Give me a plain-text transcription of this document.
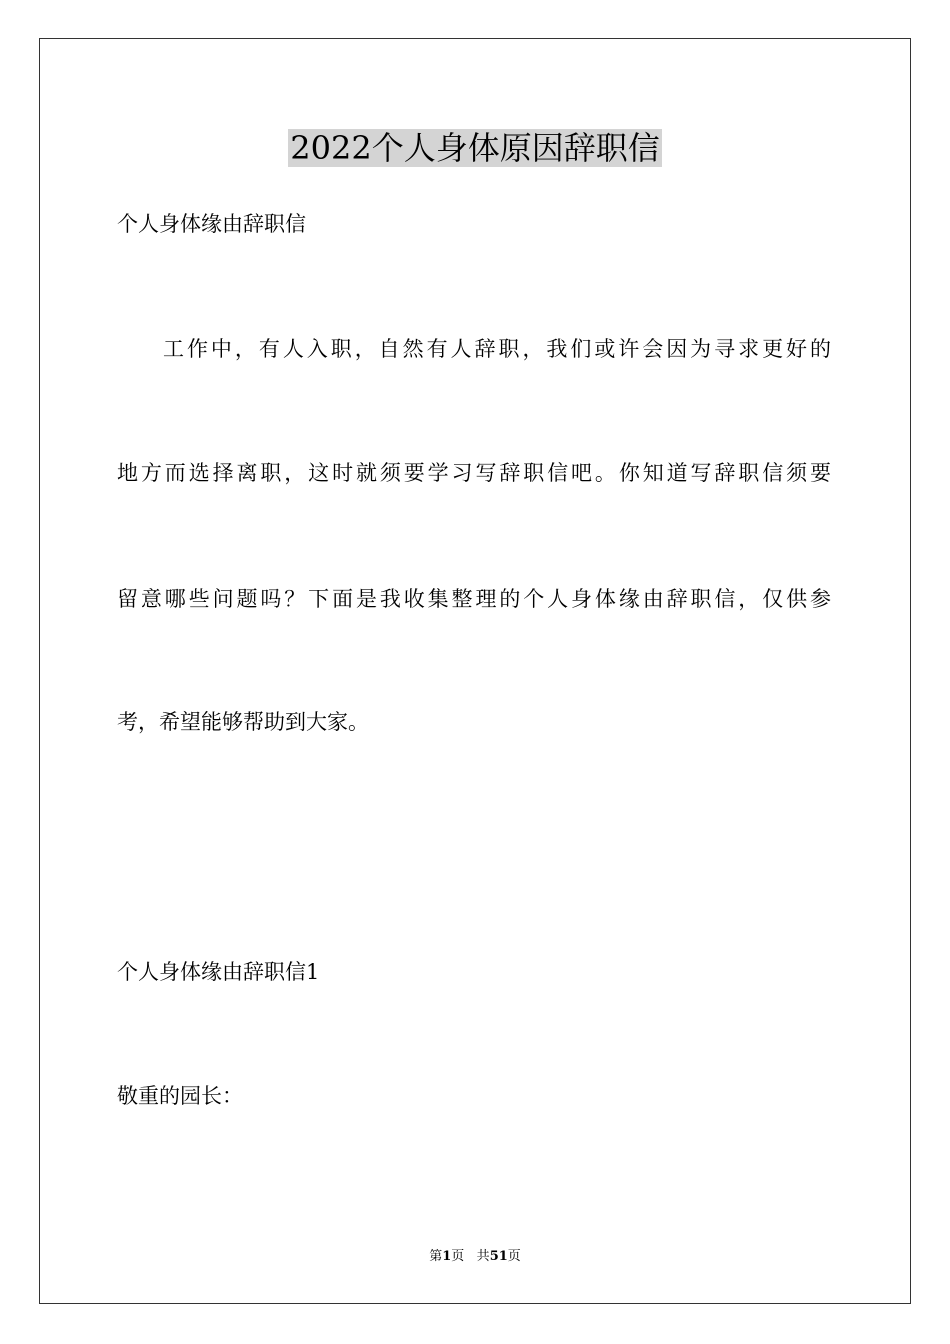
2022个人身体原因辞职信
个人身体缘由辞职信
工作中，有人入职，自然有人辞职，我们或许会因为寻求更好的
地方而选择离职，这时就须要学习写辞职信吧。你知道写辞职信须要
留意哪些问题吗？下面是我收集整理的个人身体缘由辞职信，仅供参
考，希望能够帮助到大家。
个人身体缘由辞职信1
敬重的园长：
第1页 共51页
